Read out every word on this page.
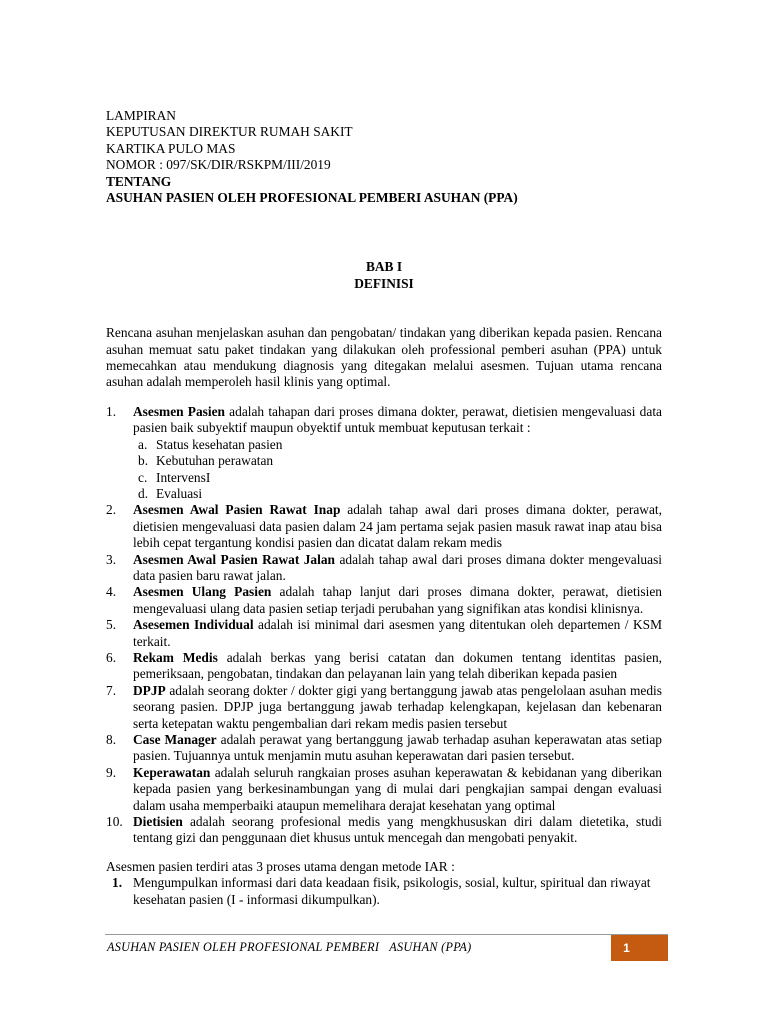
LAMPIRAN
KEPUTUSAN DIREKTUR RUMAH SAKIT
KARTIKA PULO MAS
NOMOR : 097/SK/DIR/RSKPM/III/2019
TENTANG
ASUHAN PASIEN OLEH PROFESIONAL PEMBERI ASUHAN (PPA)
BAB I
DEFINISI
Rencana asuhan menjelaskan asuhan dan pengobatan/ tindakan yang diberikan kepada pasien. Rencana asuhan memuat satu paket tindakan yang dilakukan oleh professional pemberi asuhan (PPA) untuk memecahkan atau mendukung diagnosis yang ditegakan melalui asesmen. Tujuan utama rencana asuhan adalah memperoleh hasil klinis yang optimal.
1. Asesmen Pasien adalah tahapan dari proses dimana dokter, perawat, dietisien mengevaluasi data pasien baik subyektif maupun obyektif untuk membuat keputusan terkait :
a. Status kesehatan pasien
b. Kebutuhan perawatan
c. IntervensI
d. Evaluasi
2. Asesmen Awal Pasien Rawat Inap adalah tahap awal dari proses dimana dokter, perawat, dietisien mengevaluasi data pasien dalam 24 jam pertama sejak pasien masuk rawat inap atau bisa lebih cepat tergantung kondisi pasien dan dicatat dalam rekam medis
3. Asesmen Awal Pasien Rawat Jalan adalah tahap awal dari proses dimana dokter mengevaluasi data pasien baru rawat jalan.
4. Asesmen Ulang Pasien adalah tahap lanjut dari proses dimana dokter, perawat, dietisien mengevaluasi ulang data pasien setiap terjadi perubahan yang signifikan atas kondisi klinisnya.
5. Asesemen Individual adalah isi minimal dari asesmen yang ditentukan oleh departemen / KSM terkait.
6. Rekam Medis adalah berkas yang berisi catatan dan dokumen tentang identitas pasien, pemeriksaan, pengobatan, tindakan dan pelayanan lain yang telah diberikan kepada pasien
7. DPJP adalah seorang dokter / dokter gigi yang bertanggung jawab atas pengelolaan asuhan medis seorang pasien. DPJP juga bertanggung jawab terhadap kelengkapan, kejelasan dan kebenaran serta ketepatan waktu pengembalian dari rekam medis pasien tersebut
8. Case Manager adalah perawat yang bertanggung jawab terhadap asuhan keperawatan atas setiap pasien. Tujuannya untuk menjamin mutu asuhan keperawatan dari pasien tersebut.
9. Keperawatan adalah seluruh rangkaian proses asuhan keperawatan & kebidanan yang diberikan kepada pasien yang berkesinambungan yang di mulai dari pengkajian sampai dengan evaluasi dalam usaha memperbaiki ataupun memelihara derajat kesehatan yang optimal
10. Dietisien adalah seorang profesional medis yang mengkhususkan diri dalam dietetika, studi tentang gizi dan penggunaan diet khusus untuk mencegah dan mengobati penyakit.
Asesmen pasien terdiri atas 3 proses utama dengan metode IAR :
1. Mengumpulkan informasi dari data keadaan fisik, psikologis, sosial, kultur, spiritual dan riwayat kesehatan pasien (I - informasi dikumpulkan).
ASUHAN PASIEN OLEH PROFESIONAL PEMBERI ASUHAN (PPA)	1
